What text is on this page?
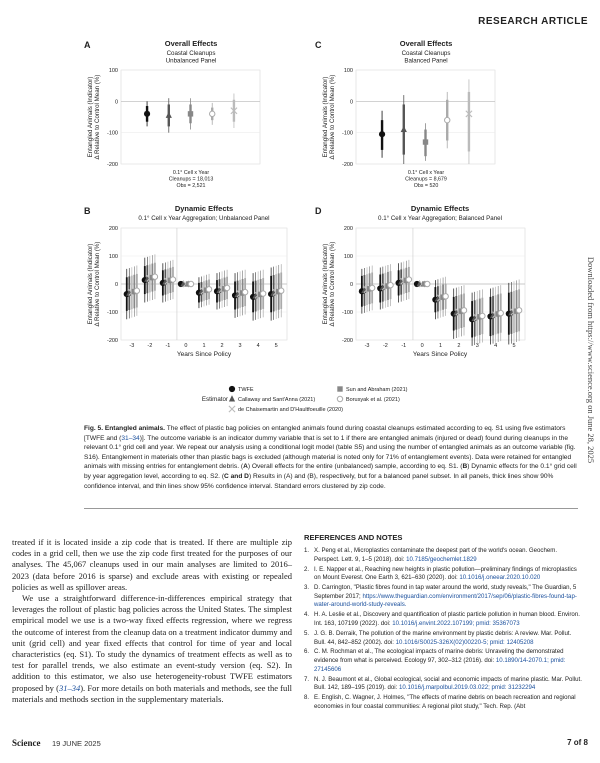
RESEARCH ARTICLE
Downloaded from https://www.science.org on June 28, 2025
A	Overall Effects
Coastal Cleanups Unbalanced Panel
-200
-100
0
100
Entangled Animals (Indicator)Δ Relative to Control Mean (%)
0.1° Cell x Year
Cleanups = 18,013
Obs = 2,521
C	Overall Effects
Coastal Cleanups Balanced Panel
-200
-100
0
100
Entangled Animals (Indicator)Δ Relative to Control Mean (%)
0.1° Cell x Year
Cleanups = 8,679
Obs = 520
B	Dynamic Effects
0.1° Cell x Year Aggregation; Unbalanced Panel
-200
-100
0
100
200
Entangled Animals (Indicator)Δ Relative to Control Mean (%)
-3 -2 -1	0	1	2	3	4	5
Years Since Policy
D	Dynamic Effects
0.1° Cell x Year Aggregation; Balanced Panel
-200
-100
0
100
200
Entangled Animals (Indicator)Δ Relative to Control Mean (%)
-3 -2 -1	0	1	2	3	4	5
Years Since Policy
Estimator
TWFE
Callaway and Sant'Anna (2021)
de Chaisemartin and D'Haultfoeuille (2020)
Sun and Abraham (2021)
Borusyak et al. (2021)
Fig. 5. Entangled animals. The effect of plastic bag policies on entangled animals found during coastal cleanups estimated according to eq. S1 using five estimators [TWFE and (31–34)]. The outcome variable is an indicator dummy variable that is set to 1 if there are entangled animals (injured or dead) found during cleanups in the relevant 0.1° grid cell and year. We repeat our analysis using a conditional logit model (table S5) and using the number of entangled animals as an outcome variable (fig. S16). Entanglement in materials other than plastic bags is excluded (although material is noted only for 71% of entanglement events). Data were retained for entangled animals with missing entries for entanglement debris. (A) Overall effects for the entire (unbalanced) sample, according to eq. S1. (B) Dynamic effects for the 0.1° grid cell by year aggregation level, according to eq. S2. (C and D) Results in (A) and (B), respectively, but for a balanced panel subset. In all panels, thick lines show 90% confidence interval, and thin lines show 95% confidence interval. Standard errors clustered by zip code.

treated if it is located inside a zip code that is treated. If there are multiple zip codes in a grid cell, then we use the zip code first treated for the purposes of our analyses. The 45,067 cleanups used in our main analyses are limited to 2016–2023 (data before 2016 is sparse) and exclude areas with existing or repealed policies as well as spillover areas.

We use a straightforward difference-in-differences empirical strategy that leverages the rollout of plastic bag policies across the United States. The simplest empirical model we use is a two-way fixed effects regression, where we regress the outcome of interest from the cleanup data on a treatment indicator dummy and unit (grid cell) and year fixed effects that control for time of year and local characteristics (eq. S1). To study the dynamics of treatment effects as well as to test for parallel trends, we also estimate an event-study version (eq. S2). In addition to this estimator, we also use heterogeneity-robust TWFE estimators proposed by (31–34). For more details on both materials and methods, see the full materials and methods section in the supplementary materials.

REFERENCES AND NOTES
1. X. Peng et al., Microplastics contaminate the deepest part of the world's ocean. Geochem. Perspect. Lett. 9, 1–5 (2018). doi: 10.7185/geochemlet.1829
2. I. E. Napper et al., Reaching new heights in plastic pollution—preliminary findings of microplastics on Mount Everest. One Earth 3, 621–630 (2020). doi: 10.1016/j.oneear.2020.10.020
3. D. Carrington, "Plastic fibres found in tap water around the world, study reveals," The Guardian, 5 September 2017; https://www.theguardian.com/environment/2017/sep/06/plastic-fibres-found-tap-water-around-world-study-reveals.
4. H. A. Leslie et al., Discovery and quantification of plastic particle pollution in human blood. Environ. Int. 163, 107199 (2022). doi: 10.1016/j.envint.2022.107199; pmid: 35367073
5. J. G. B. Derraik, The pollution of the marine environment by plastic debris: A review. Mar. Pollut. Bull. 44, 842–852 (2002). doi: 10.1016/S0025-326X(02)00220-5; pmid: 12405208
6. C. M. Rochman et al., The ecological impacts of marine debris: Unraveling the demonstrated evidence from what is perceived. Ecology 97, 302–312 (2016). doi: 10.1890/14-2070.1; pmid: 27145606
7. N. J. Beaumont et al., Global ecological, social and economic impacts of marine plastic. Mar. Pollut. Bull. 142, 189–195 (2019). doi: 10.1016/j.marpolbul.2019.03.022; pmid: 31232294
8. E. English, C. Wagner, J. Holmes, "The effects of marine debris on beach recreation and regional economies in four coastal communities: A regional pilot study," Tech. Rep. (Abt
Science 19 JUNE 2025	7 of 8
